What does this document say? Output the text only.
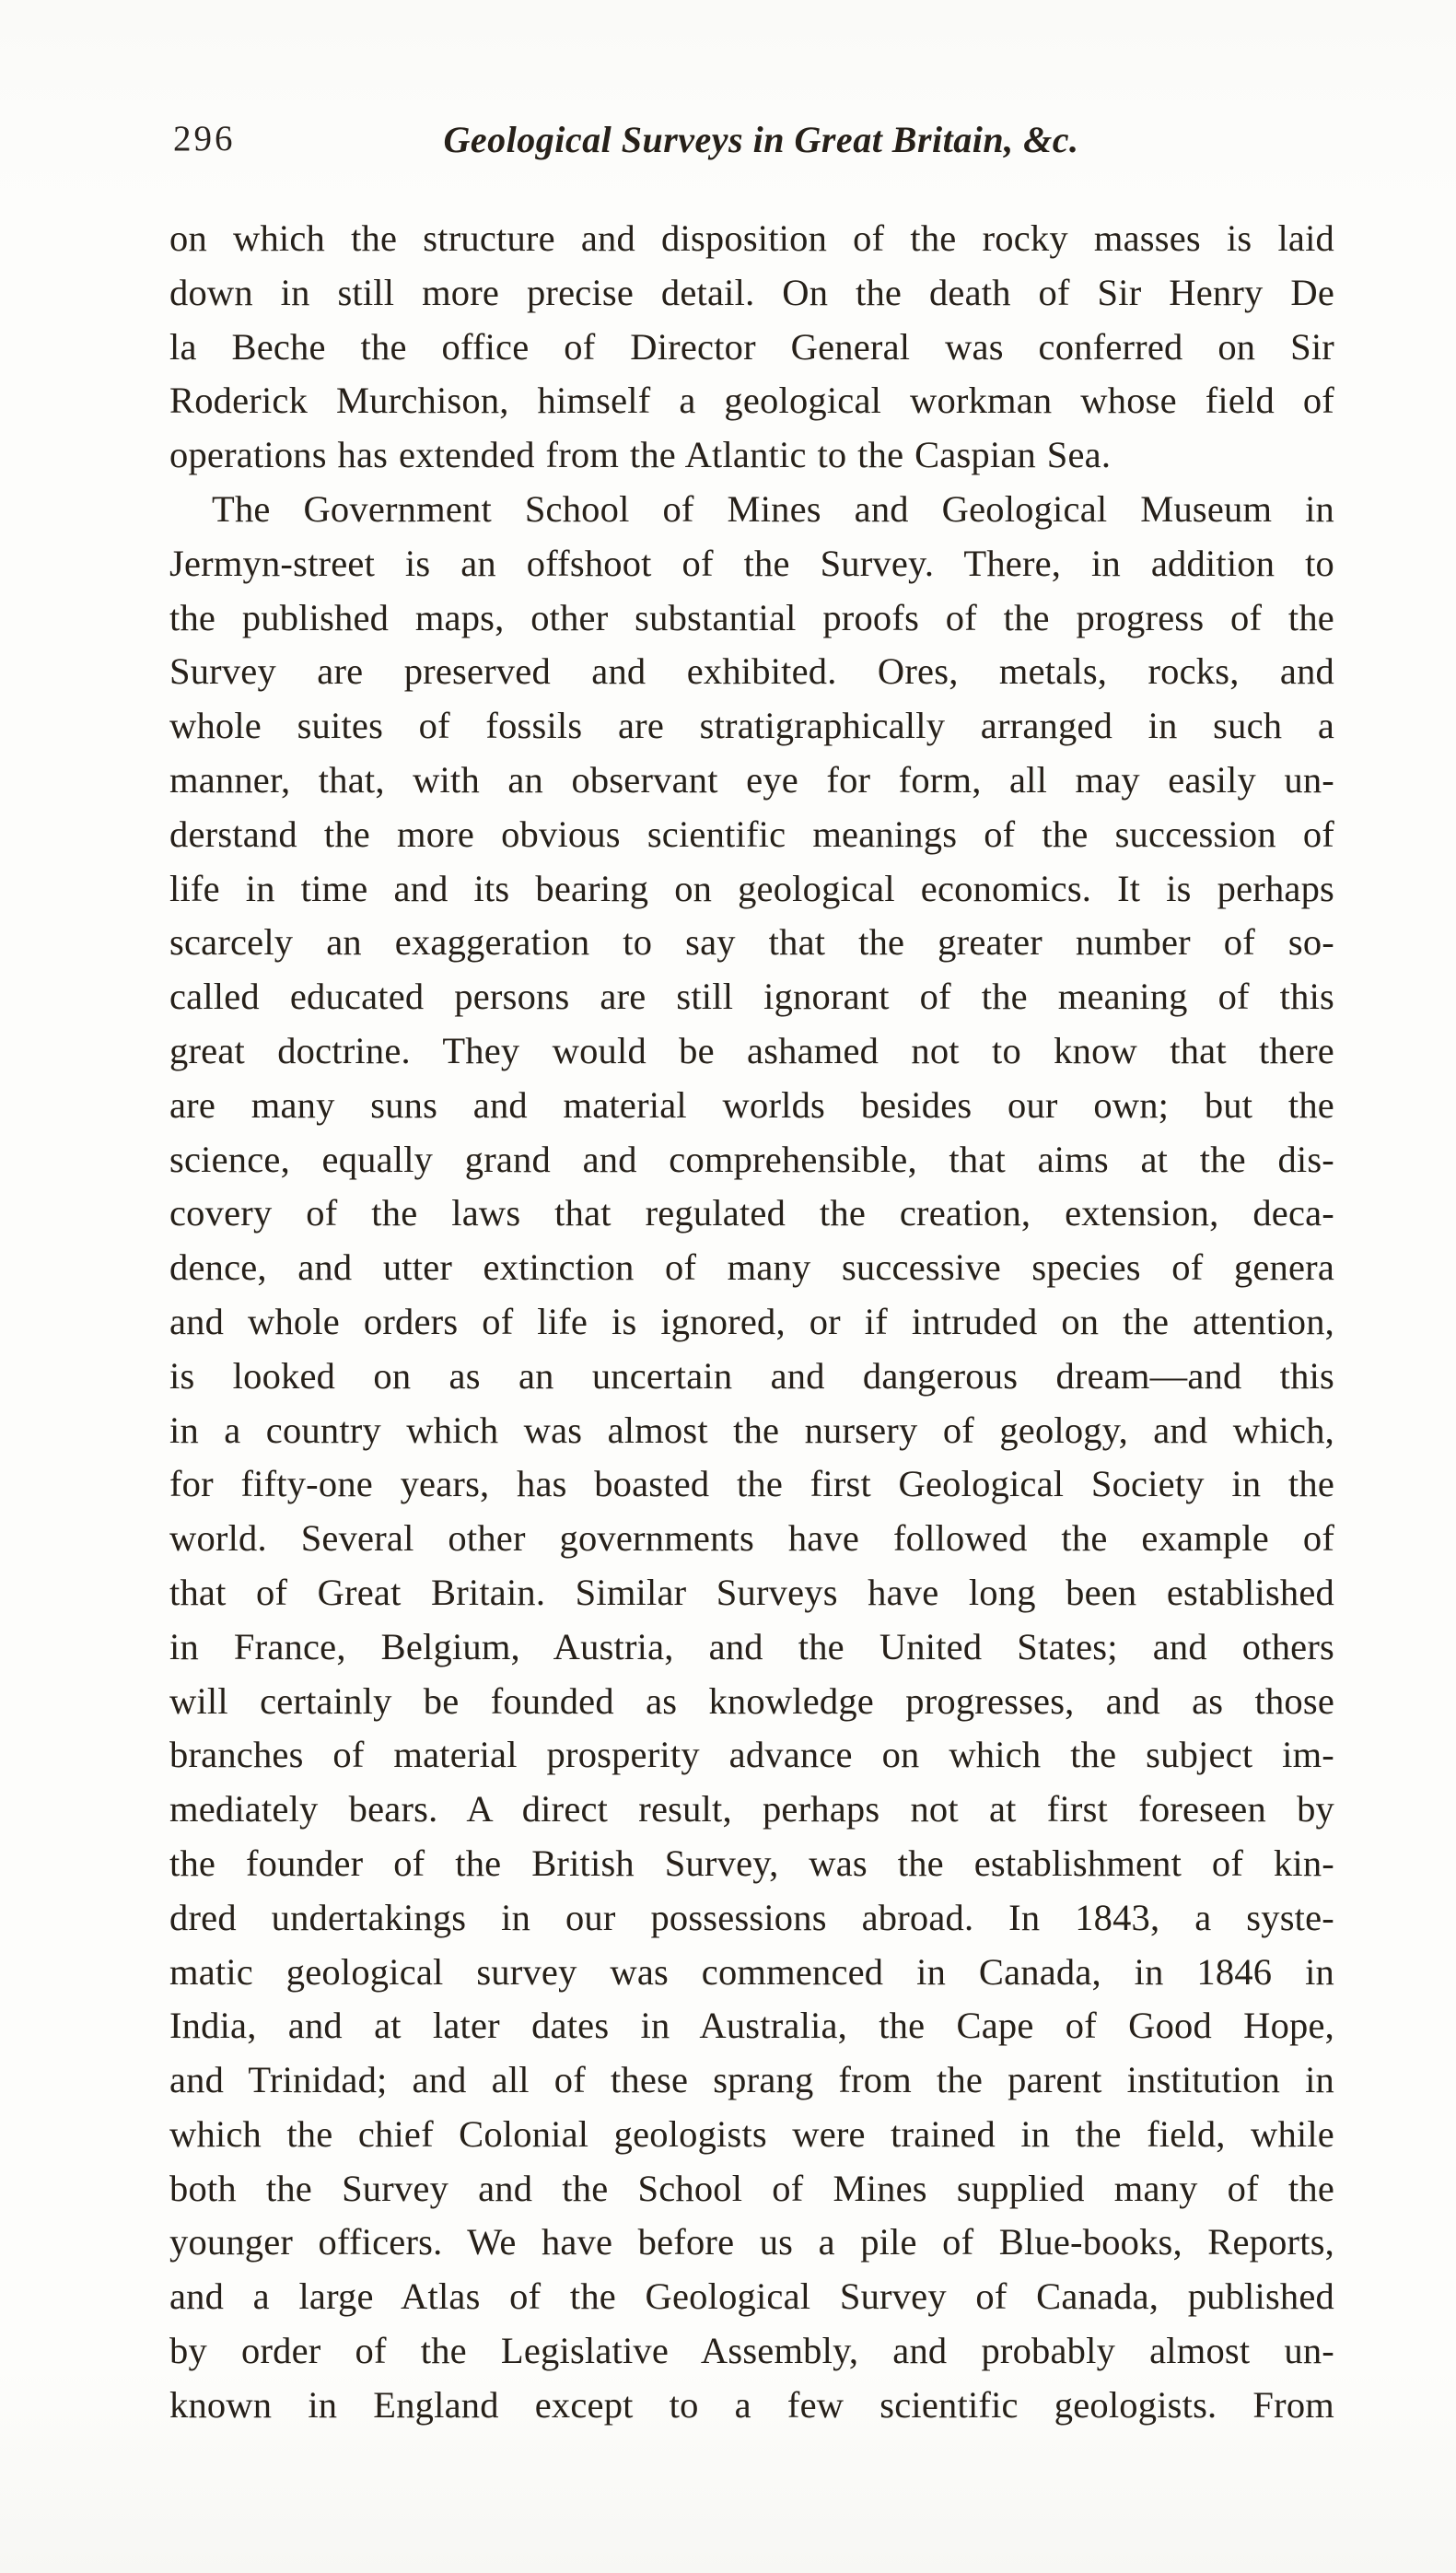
296	Geological Surveys in Great Britain, &c.
on which the structure and disposition of the rocky masses is laid
down in still more precise detail. On the death of Sir Henry De
la Beche the office of Director General was conferred on Sir
Roderick Murchison, himself a geological workman whose field of
operations has extended from the Atlantic to the Caspian Sea.
The Government School of Mines and Geological Museum in
Jermyn-street is an offshoot of the Survey. There, in addition to
the published maps, other substantial proofs of the progress of the
Survey are preserved and exhibited. Ores, metals, rocks, and
whole suites of fossils are stratigraphically arranged in such a
manner, that, with an observant eye for form, all may easily un-
derstand the more obvious scientific meanings of the succession of
life in time and its bearing on geological economics. It is perhaps
scarcely an exaggeration to say that the greater number of so-
called educated persons are still ignorant of the meaning of this
great doctrine. They would be ashamed not to know that there
are many suns and material worlds besides our own; but the
science, equally grand and comprehensible, that aims at the dis-
covery of the laws that regulated the creation, extension, deca-
dence, and utter extinction of many successive species of genera
and whole orders of life is ignored, or if intruded on the attention,
is looked on as an uncertain and dangerous dream—and this
in a country which was almost the nursery of geology, and which,
for fifty-one years, has boasted the first Geological Society in the
world. Several other governments have followed the example of
that of Great Britain. Similar Surveys have long been established
in France, Belgium, Austria, and the United States; and others
will certainly be founded as knowledge progresses, and as those
branches of material prosperity advance on which the subject im-
mediately bears. A direct result, perhaps not at first foreseen by
the founder of the British Survey, was the establishment of kin-
dred undertakings in our possessions abroad. In 1843, a syste-
matic geological survey was commenced in Canada, in 1846 in
India, and at later dates in Australia, the Cape of Good Hope,
and Trinidad; and all of these sprang from the parent institution in
which the chief Colonial geologists were trained in the field, while
both the Survey and the School of Mines supplied many of the
younger officers. We have before us a pile of Blue-books, Reports,
and a large Atlas of the Geological Survey of Canada, published
by order of the Legislative Assembly, and probably almost un-
known in England except to a few scientific geologists. From
